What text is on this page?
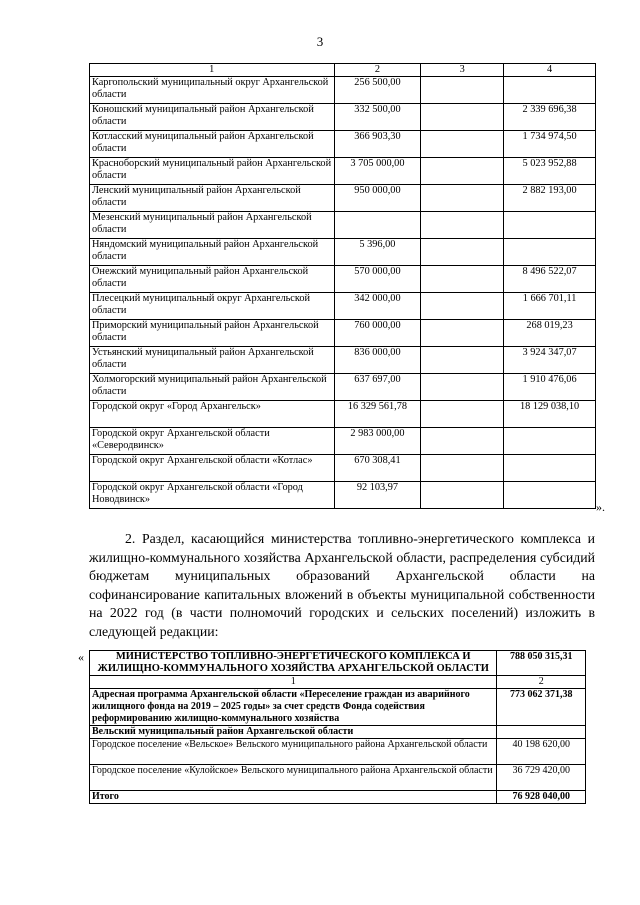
3
1	2	3	4
Каргопольский муниципальный округ Архангельской области	256 500,00		
Коношский муниципальный район Архангельской области	332 500,00		2 339 696,38
Котласский муниципальный район Архангельской области	366 903,30		1 734 974,50
Красноборский муниципальный район Архангельской области	3 705 000,00		5 023 952,88
Ленский муниципальный район Архангельской области	950 000,00		2 882 193,00
Мезенский муниципальный район Архангельской области			
Няндомский муниципальный район Архангельской области	5 396,00		
Онежский муниципальный район Архангельской области	570 000,00		8 496 522,07
Плесецкий муниципальный округ Архангельской области	342 000,00		1 666 701,11
Приморский муниципальный район Архангельской области	760 000,00		268 019,23
Устьянский муниципальный район Архангельской области	836 000,00		3 924 347,07
Холмогорский муниципальный район Архангельской области	637 697,00		1 910 476,06
Городской округ «Город Архангельск»	16 329 561,78		18 129 038,10
Городской округ Архангельской области «Северодвинск»	2 983 000,00		
Городской округ Архангельской области «Котлас»	670 308,41		
Городской округ Архангельской области «Город Новодвинск»	92 103,97		
».
2. Раздел, касающийся министерства топливно-энергетического комплекса и жилищно-коммунального хозяйства Архангельской области, распределения субсидий бюджетам муниципальных образований Архангельской области на софинансирование капитальных вложений в объекты муниципальной собственности на 2022 год (в части полномочий городских и сельских поселений) изложить в следующей редакции:
«	МИНИСТЕРСТВО ТОПЛИВНО-ЭНЕРГЕТИЧЕСКОГО КОМПЛЕКСА И ЖИЛИЩНО-КОММУНАЛЬНОГО ХОЗЯЙСТВА АРХАНГЕЛЬСКОЙ ОБЛАСТИ	788 050 315,31
1	2
Адресная программа Архангельской области «Переселение граждан из аварийного жилищного фонда на 2019 – 2025 годы» за счет средств Фонда содействия реформированию жилищно-коммунального хозяйства	773 062 371,38
Вельский муниципальный район Архангельской области	
Городское поселение «Вельское» Вельского муниципального района Архангельской области	40 198 620,00
Городское поселение «Кулойское» Вельского муниципального района Архангельской области	36 729 420,00
Итого	76 928 040,00
